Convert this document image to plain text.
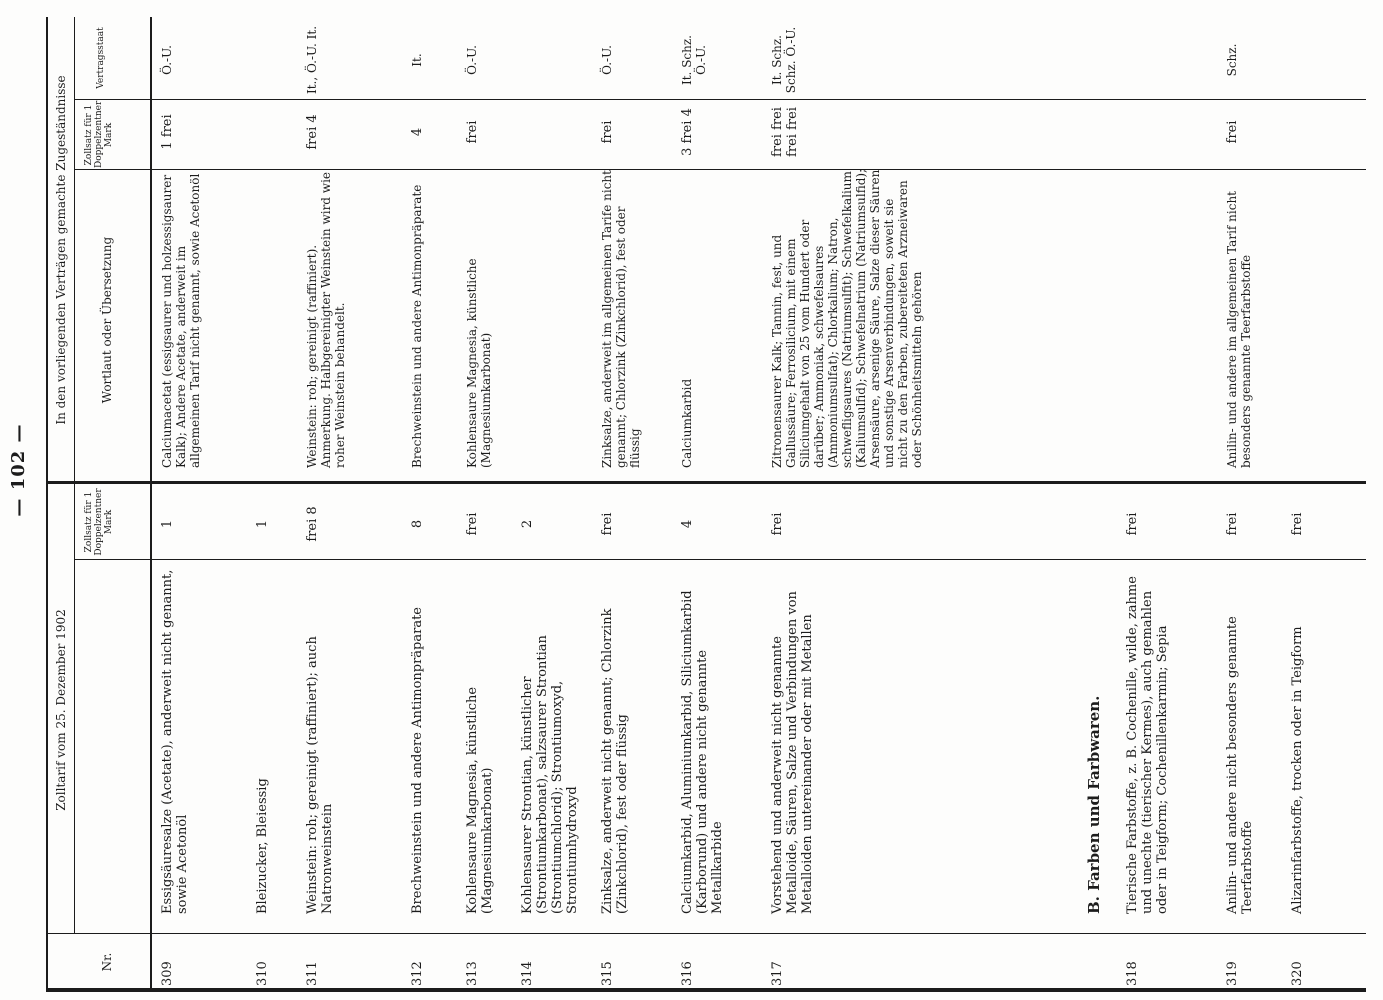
— 102 —
Zolltarif vom 25. Dezember 1902
In den vorliegenden Verträgen gemachte Zugeständnisse
Nr.
Zollsatz für 1 Doppelzentner Mark
Wortlaut oder Übersetzung
Zollsatz für 1 Doppelzentner Mark
Vertragsstaat
309
Essigsäuresalze (Acetate), anderweit nicht genannt, sowie Acetonöl
1
Calciumacetat (essigsaurer und holzessigsaurer Kalk); Andere Acetate, anderweit im allgemeinen Tarif nicht genannt, sowie Acetonöl
1 frei
Ö.-U.
310
Bleizucker, Bleiessig
1
311
Weinstein: roh; gereinigt (raffiniert); auch Natronweinstein
frei 8
Weinstein: roh; gereinigt (raffiniert). Anmerkung. Halbgereinigter Weinstein wird wie roher Weinstein behandelt.
frei 4
It., Ö.-U. It.
312
Brechweinstein und andere Antimonpräparate
8
Brechweinstein und andere Antimonpräparate
4
It.
313
Kohlensaure Magnesia, künstliche (Magnesiumkarbonat)
frei
Kohlensaure Magnesia, künstliche (Magnesiumkarbonat)
frei
Ö.-U.
314
Kohlensaurer Strontian, künstlicher (Strontiumkarbonat), salzsaurer Strontian (Strontiumchlorid); Strontiumoxyd, Strontiumhydroxyd
2
315
Zinksalze, anderweit nicht genannt; Chlorzink (Zinkchlorid), fest oder flüssig
frei
Zinksalze, anderweit im allgemeinen Tarife nicht genannt; Chlorzink (Zinkchlorid), fest oder flüssig
frei
Ö.-U.
316
Calciumkarbid, Aluminiumkarbid, Siliciumkarbid (Karborund) und andere nicht genannte Metallkarbide
4
Calciumkarbid
3 frei 4
It. Schz. Ö.-U.
317
Vorstehend und anderweit nicht genannte Metalloide, Säuren, Salze und Verbindungen von Metalloiden untereinander oder mit Metallen
frei
Zitronensaurer Kalk; Tannin, fest, und Gallussäure; Ferrosilicium, mit einem Siliciumgehalt von 25 vom Hundert oder darüber; Ammoniak, schwefelsaures (Ammoniumsulfat); Chlorkalium; Natron, schwefligsaures (Natriumsulfit); Schwefelkalium (Kaliumsulfid); Schwefelnatrium (Natriumsulfid); Arsensäure, arsenige Säure, Salze dieser Säuren und sonstige Arsenverbindungen, soweit sie nicht zu den Farben, zubereiteten Arzneiwaren oder Schönheitsmitteln gehören
frei frei frei frei
It. Schz. Schz. Ö.-U.
B. Farben und Farbwaren.
318
Tierische Farbstoffe, z. B. Cochenille, wilde, zahme und unechte (tierischer Kermes), auch gemahlen oder in Teigform; Cochenillenkarmin; Sepia
frei
319
Anilin- und andere nicht besonders genannte Teerfarbstoffe
frei
Anilin- und andere im allgemeinen Tarif nicht besonders genannte Teerfarbstoffe
frei
Schz.
320
Alizarinfarbstoffe, trocken oder in Teigform
frei
